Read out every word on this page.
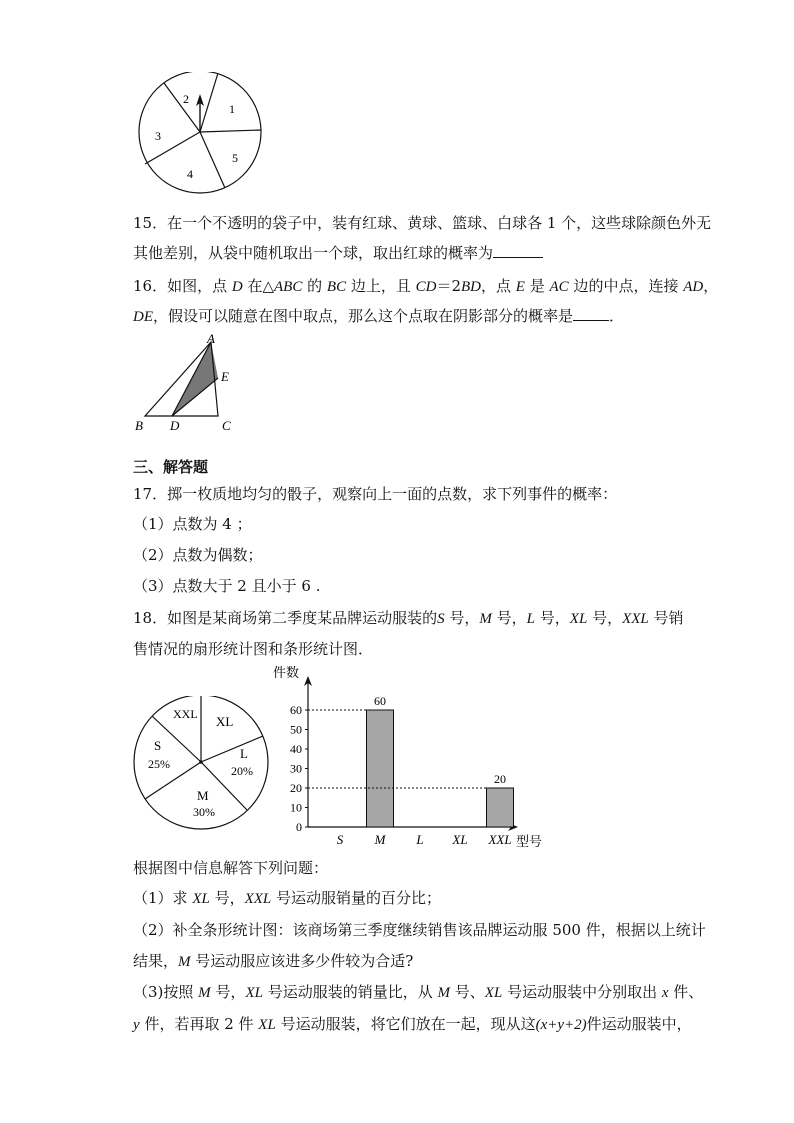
2
1
3
5
4
15．在一个不透明的袋子中，装有红球、黄球、篮球、白球各 1 个，这些球除颜色外无
其他差别，从袋中随机取出一个球，取出红球的概率为
16．如图，点 D 在△ABC 的 BC 边上，且 CD＝2BD，点 E 是 AC 边的中点，连接 AD，
DE，假设可以随意在图中取点，那么这个点取在阴影部分的概率是 ．
A
E
B D	C
三、解答题
17．掷一枚质地均匀的骰子，观察向上一面的点数，求下列事件的概率：
（1）点数为 4 ；
（2）点数为偶数；
（3）点数大于 2 且小于 6 .
18．如图是某商场第二季度某品牌运动服装的S 号，M 号，L 号，XL 号，XXL 号销
售情况的扇形统计图和条形统计图．
XXL XL
L
20%
S
25%
M
30%
件数
型号
0
10
20
30
40
50
60
S M
60
L XL XXL
20
根据图中信息解答下列问题：
（1）求 XL 号，XXL 号运动服销量的百分比；
（2）补全条形统计图：该商场第三季度继续销售该品牌运动服 500 件，根据以上统计
结果，M 号运动服应该进多少件较为合适?
（3)按照 M 号，XL 号运动服装的销量比，从 M 号、XL 号运动服装中分别取出 x 件、
y 件，若再取 2 件 XL 号运动服装，将它们放在一起，现从这(x+y+2)件运动服装中，
